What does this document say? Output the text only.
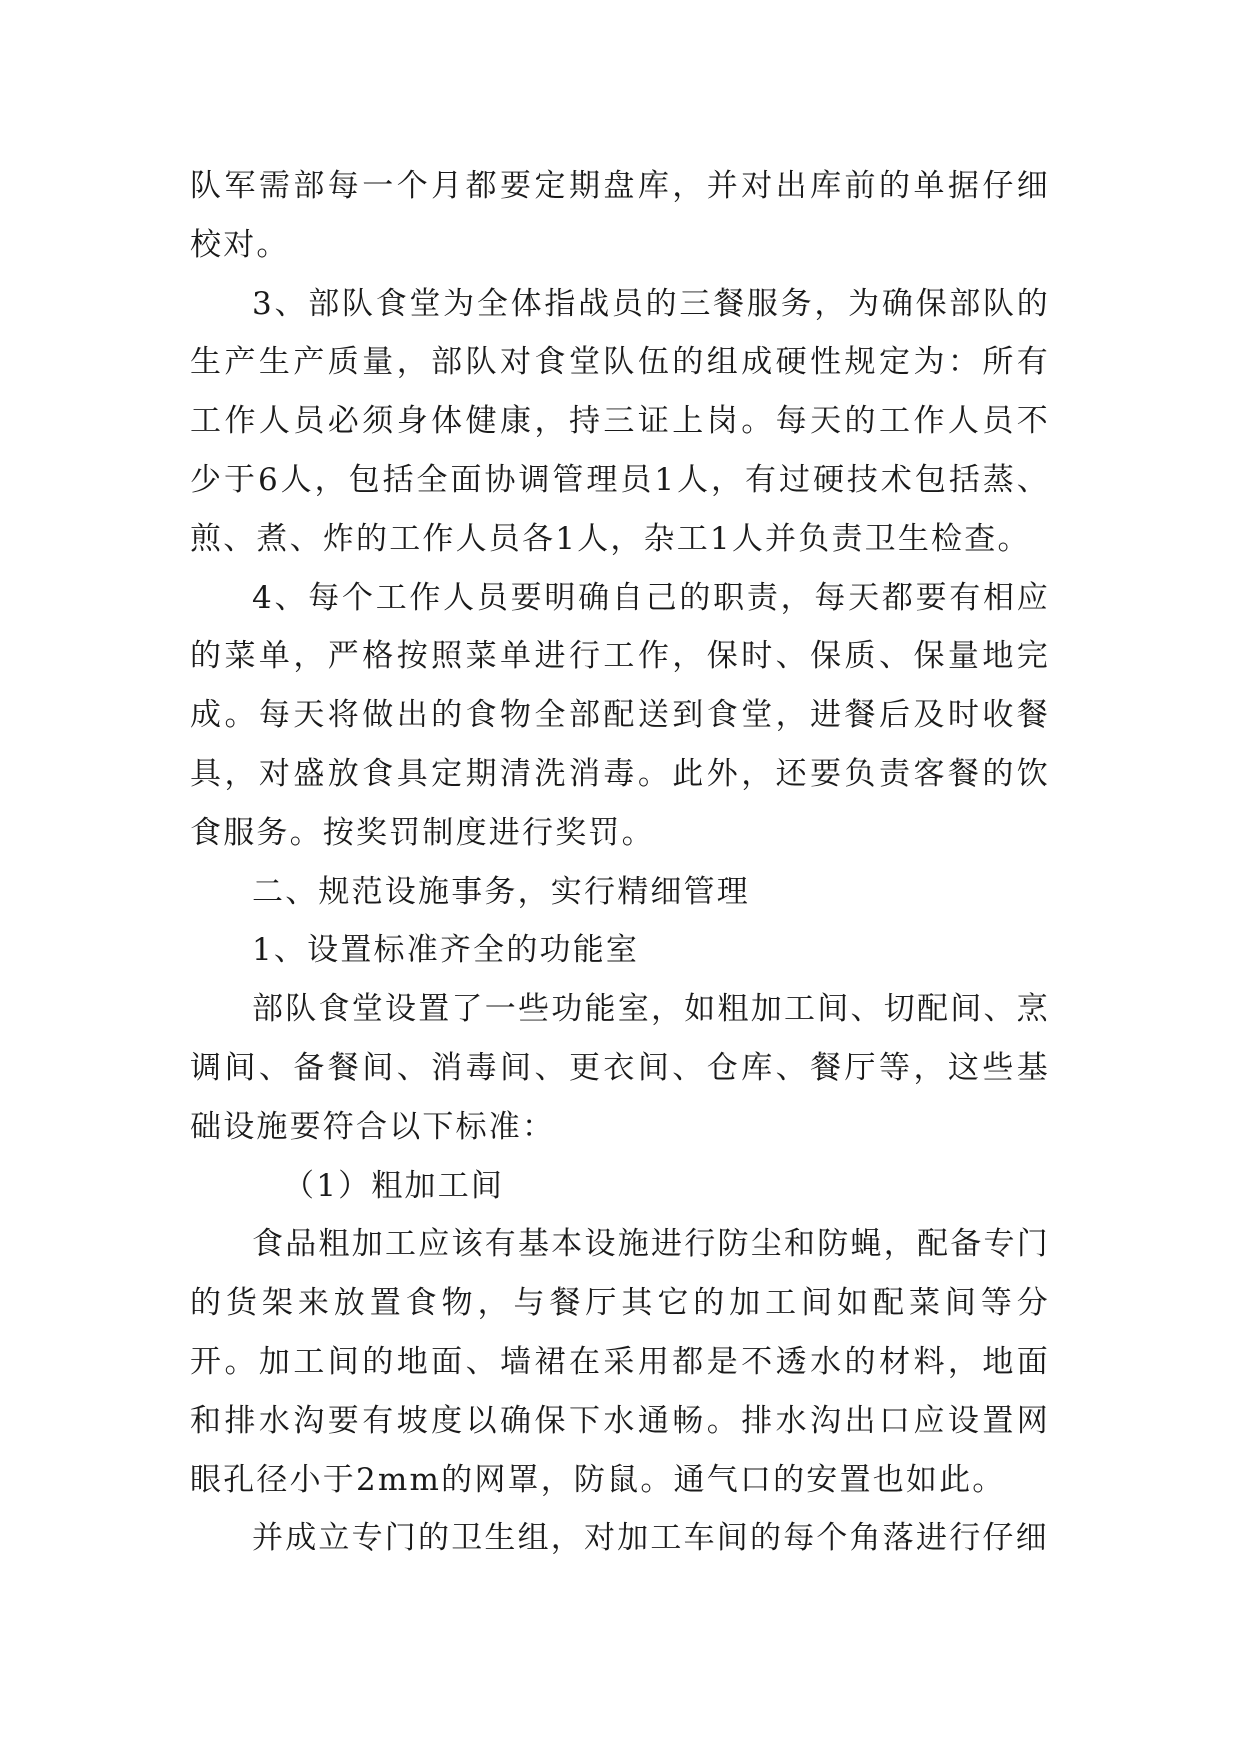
队军需部每一个月都要定期盘库，并对出库前的单据仔细校对。

3、部队食堂为全体指战员的三餐服务，为确保部队的生产生产质量，部队对食堂队伍的组成硬性规定为：所有工作人员必须身体健康，持三证上岗。每天的工作人员不少于6人，包括全面协调管理员1人，有过硬技术包括蒸、煎、煮、炸的工作人员各1人，杂工1人并负责卫生检查。

4、每个工作人员要明确自己的职责，每天都要有相应的菜单，严格按照菜单进行工作，保时、保质、保量地完成。每天将做出的食物全部配送到食堂，进餐后及时收餐具，对盛放食具定期清洗消毒。此外，还要负责客餐的饮食服务。按奖罚制度进行奖罚。

二、规范设施事务，实行精细管理

1、设置标准齐全的功能室

部队食堂设置了一些功能室，如粗加工间、切配间、烹调间、备餐间、消毒间、更衣间、仓库、餐厅等，这些基础设施要符合以下标准：

（1）粗加工间

食品粗加工应该有基本设施进行防尘和防蝇，配备专门的货架来放置食物，与餐厅其它的加工间如配菜间等分开。加工间的地面、墙裙在采用都是不透水的材料，地面和排水沟要有坡度以确保下水通畅。排水沟出口应设置网眼孔径小于2mm的网罩，防鼠。通气口的安置也如此。

并成立专门的卫生组，对加工车间的每个角落进行仔细
